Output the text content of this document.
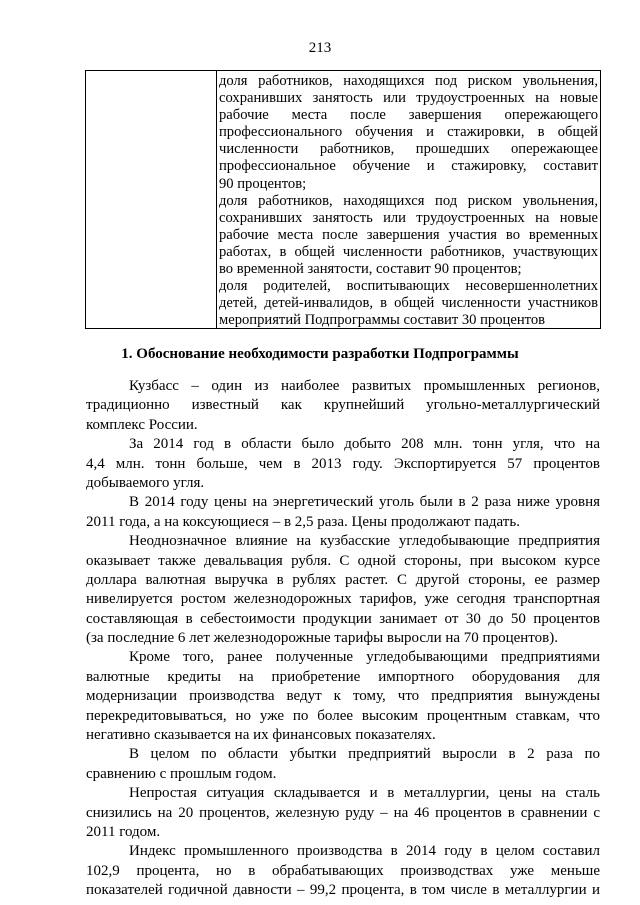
213
доля работников, находящихся под риском увольнения,
сохранивших занятость или трудоустроенных на новые
рабочие места после завершения опережающего
профессионального обучения и стажировки, в общей
численности работников, прошедших опережающее
профессиональное обучение и стажировку, составит
90 процентов;
доля работников, находящихся под риском увольнения,
сохранивших занятость или трудоустроенных на новые
рабочие места после завершения участия во временных
работах, в общей численности работников, участвующих
во временной занятости, составит 90 процентов;
доля родителей, воспитывающих несовершеннолетних
детей, детей-инвалидов, в общей численности участников
мероприятий Подпрограммы составит 30 процентов
1. Обоснование необходимости разработки Подпрограммы
Кузбасс – один из наиболее развитых промышленных регионов,
традиционно известный как крупнейший угольно-металлургический
комплекс России.
За 2014 год в области было добыто 208 млн. тонн угля, что на
4,4 млн. тонн больше, чем в 2013 году. Экспортируется 57 процентов
добываемого угля.
В 2014 году цены на энергетический уголь были в 2 раза ниже уровня
2011 года, а на коксующиеся – в 2,5 раза. Цены продолжают падать.
Неоднозначное влияние на кузбасские угледобывающие предприятия
оказывает также девальвация рубля. С одной стороны, при высоком курсе
доллара валютная выручка в рублях растет. С другой стороны, ее размер
нивелируется ростом железнодорожных тарифов, уже сегодня транспортная
составляющая в себестоимости продукции занимает от 30 до 50 процентов
(за последние 6 лет железнодорожные тарифы выросли на 70 процентов).
Кроме того, ранее полученные угледобывающими предприятиями
валютные кредиты на приобретение импортного оборудования для
модернизации производства ведут к тому, что предприятия вынуждены
перекредитовываться, но уже по более высоким процентным ставкам, что
негативно сказывается на их финансовых показателях.
В целом по области убытки предприятий выросли в 2 раза по
сравнению с прошлым годом.
Непростая ситуация складывается и в металлургии, цены на сталь
снизились на 20 процентов, железную руду – на 46 процентов в сравнении с
2011 годом.
Индекс промышленного производства в 2014 году в целом составил
102,9 процента, но в обрабатывающих производствах уже меньше
показателей годичной давности – 99,2 процента, в том числе в металлургии и
